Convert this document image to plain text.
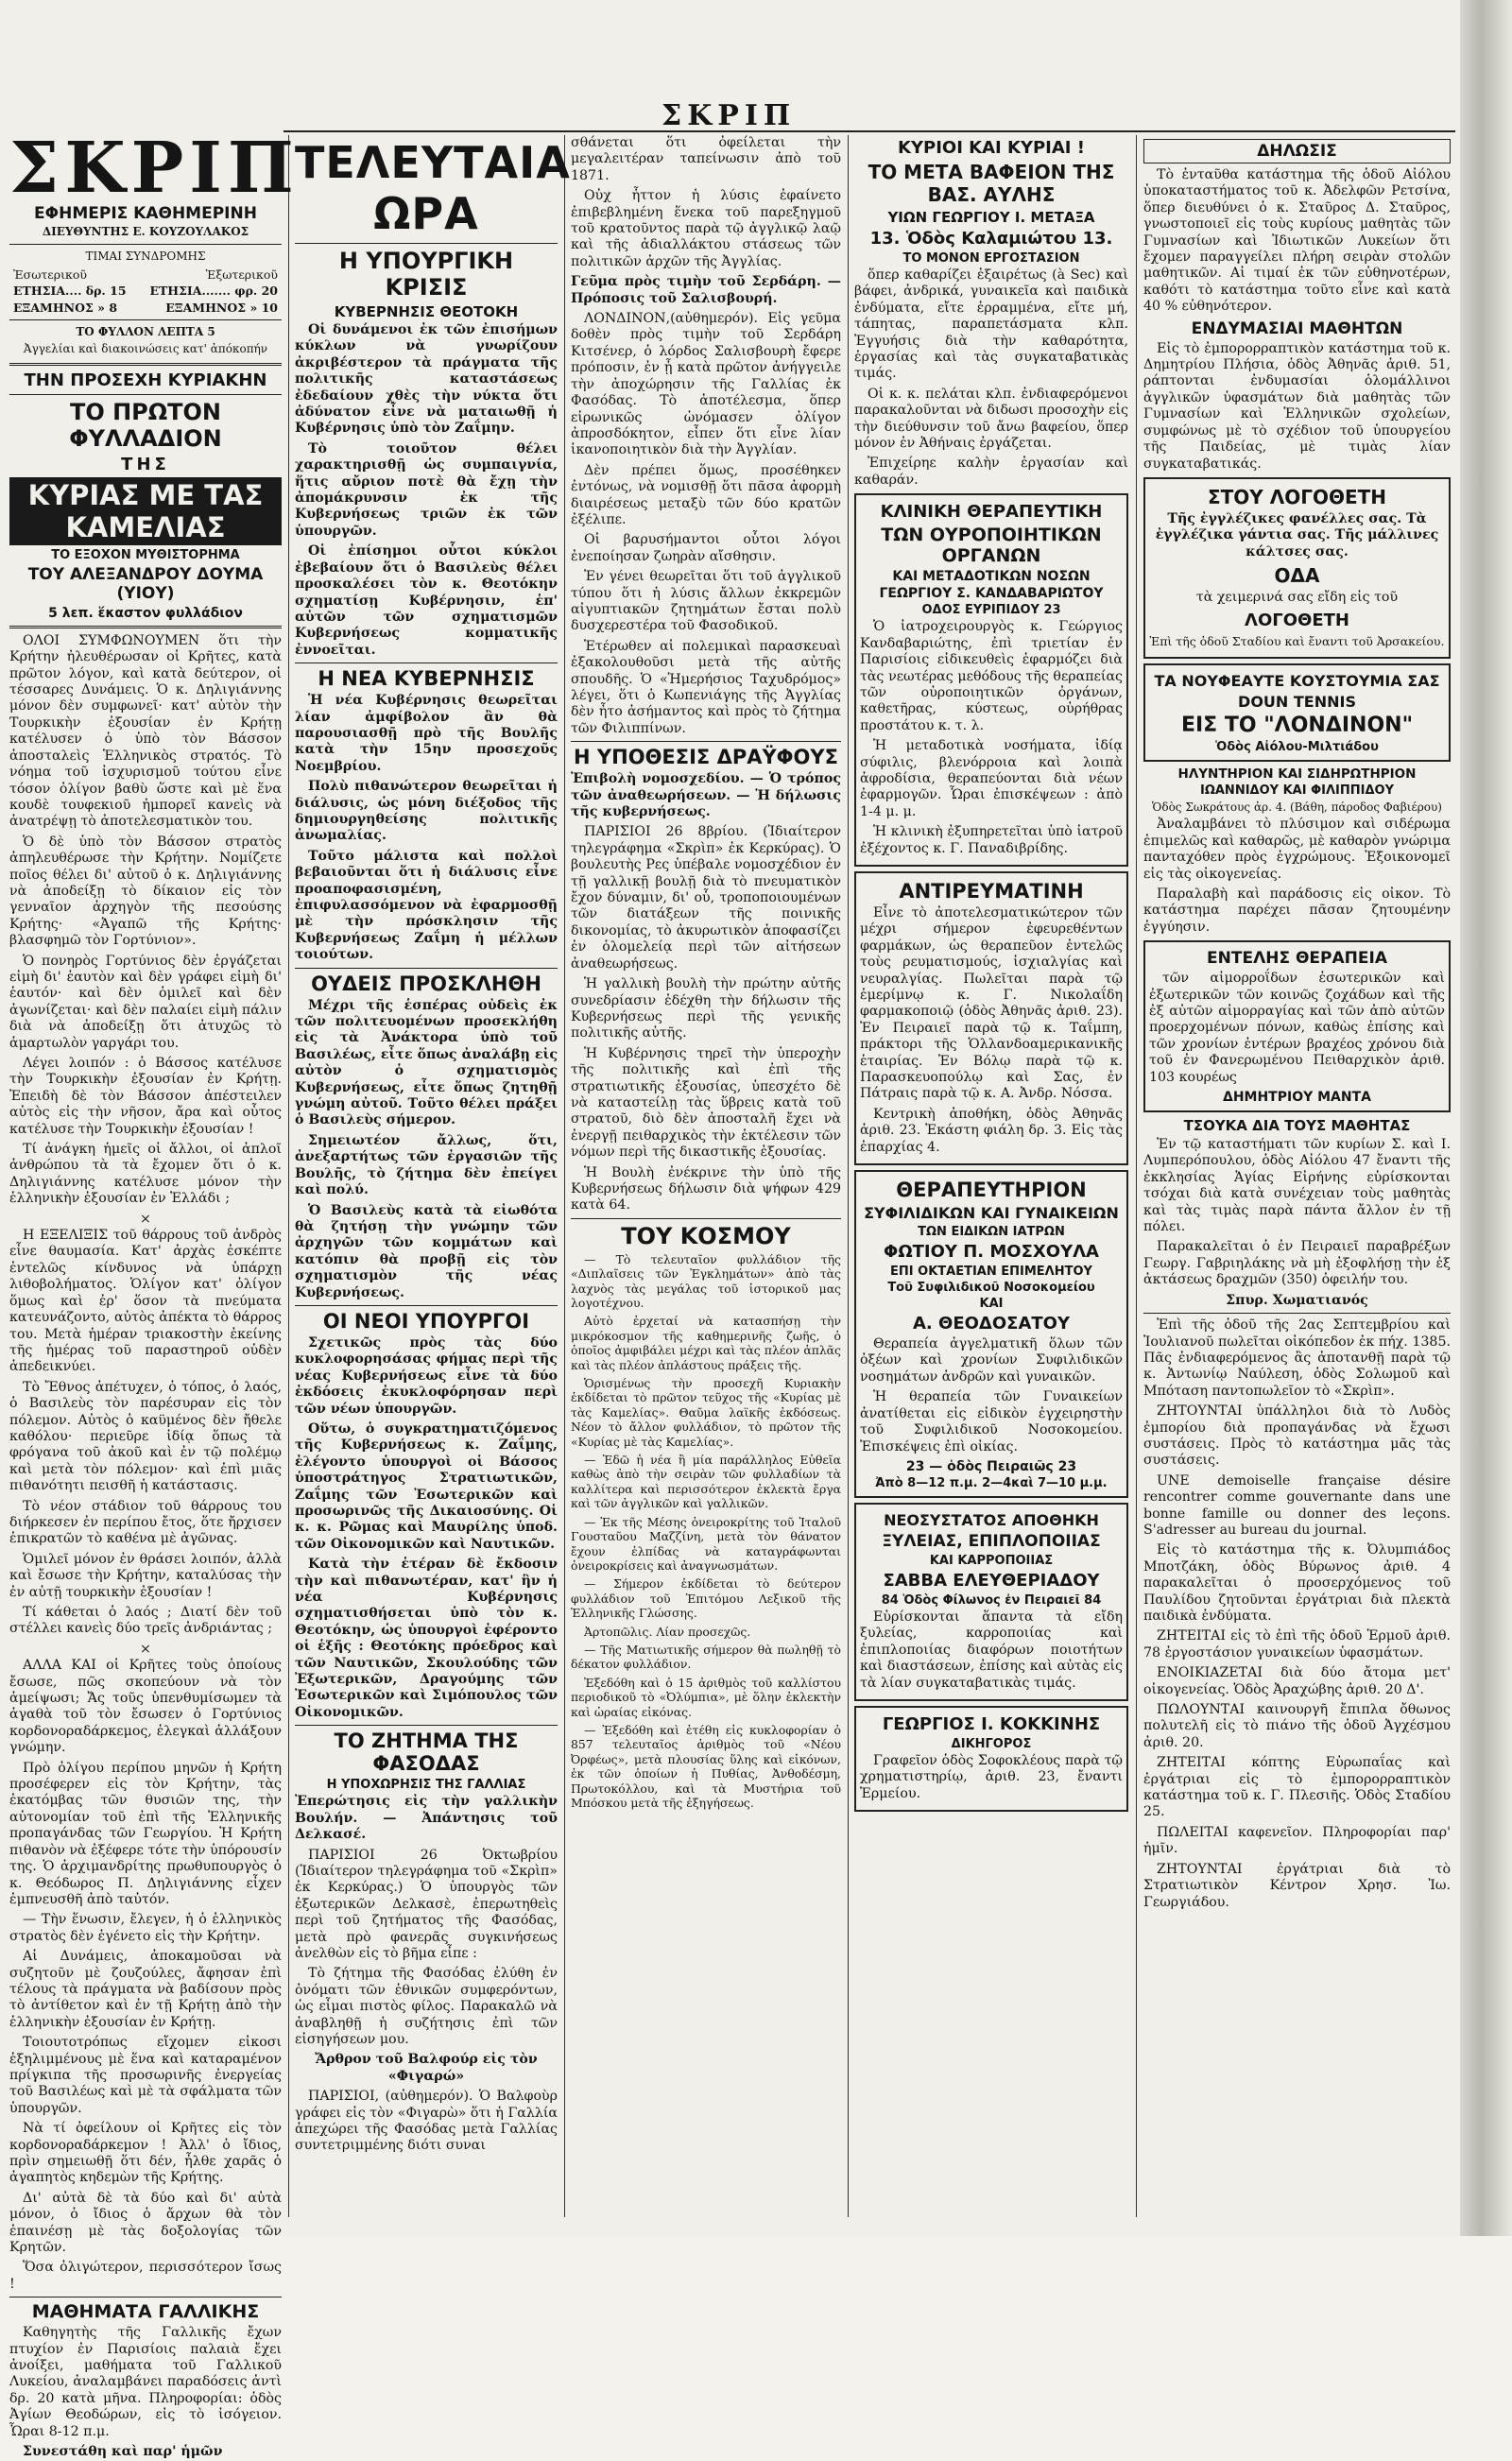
ΣΚΡΙΠ
ΣΚΡΙΠ
ΕΦΗΜΕΡΙΣ ΚΑΘΗΜΕΡΙΝΗ
ΔΙΕΥΘΥΝΤΗΣ Ε. ΚΟΥΖΟΥΛΑΚΟΣ
ΤΙΜΑΙ ΣΥΝΔΡΟΜΗΣ
Ἐσωτερικοῦ	Ἐξωτερικοῦ
ΕΤΗΣΙΑ.... δρ. 15 ΕΤΗΣΙΑ....... φρ. 20
ΕΞΑΜΗΝΟΣ » 8	ΕΞΑΜΗΝΟΣ » 10
ΤΟ ΦΥΛΛΟΝ ΛΕΠΤΑ 5
Ἀγγελίαι καὶ διακοινώσεις κατ' ἀπόκοπήν
ΤΗΝ ΠΡΟΣΕΧΗ ΚΥΡΙΑΚΗΝ
ΤΟ ΠΡΩΤΟΝ ΦΥΛΛΑΔΙΟΝ
ΤΗΣ
ΚΥΡΙΑΣ ΜΕ ΤΑΣ ΚΑΜΕΛΙΑΣ
ΤΟ ΕΞΟΧΟΝ ΜΥΘΙΣΤΟΡΗΜΑ
ΤΟΥ ΑΛΕΞΑΝΔΡΟΥ ΔΟΥΜΑ (ΥΙΟΥ)
5 λεπ. ἕκαστον φυλλάδιον

ΟΛΟΙ ΣΥΜΦΩΝΟΥΜΕΝ ὅτι τὴν Κρήτην ἠλευθέρωσαν οἱ Κρῆτες, κατὰ πρῶτον λόγον, καὶ κατὰ δεύτερον, οἱ τέσσαρες Δυνάμεις. Ὁ κ. Δηλιγιάννης μόνον δὲν συμφωνεῖ· κατ' αὐτὸν τὴν Τουρκικὴν ἐξουσίαν ἐν Κρήτῃ κατέλυσεν ὁ ὑπὸ τὸν Βάσσον ἀποσταλεὶς Ἑλληνικὸς στρατός. Τὸ νόημα τοῦ ἰσχυρισμοῦ τούτου εἶνε τόσον ὀλίγον βαθὺ ὥστε καὶ μὲ ἕνα κουδὲ τουφεκιοῦ ἠμπορεῖ κανεὶς νὰ ἀνατρέψῃ τὸ ἀποτελεσματικὸν του.

Ὁ δὲ ὑπὸ τὸν Βάσσον στρατὸς ἀπηλευθέρωσε τὴν Κρήτην. Νομίζετε ποῖος θέλει δι' αὐτοῦ ὁ κ. Δηλιγιάννης νὰ ἀποδείξῃ τὸ δίκαιον εἰς τὸν γενναῖον ἀρχηγὸν τῆς πεσούσης Κρήτης· «Ἀγαπῶ τῆς Κρήτης· βλασφημῶ τὸν Γορτύνιον».

Ὁ πονηρὸς Γορτύνιος δὲν ἐργάζεται εἰμὴ δι' ἑαυτὸν καὶ δὲν γράφει εἰμὴ δι' ἑαυτόν· καὶ δὲν ὁμιλεῖ καὶ δὲν ἀγωνίζεται· καὶ δὲν παλαίει εἰμὴ πάλιν διὰ νὰ ἀποδείξῃ ὅτι ἀτυχῶς τὸ ἁμαρτωλὸν γαργάρι του.

Λέγει λοιπόν : ὁ Βάσσος κατέλυσε τὴν Τουρκικὴν ἐξουσίαν ἐν Κρήτῃ. Ἐπειδὴ δὲ τὸν Βάσσον ἀπέστειλεν αὐτὸς εἰς τὴν νῆσον, ἄρα καὶ οὗτος κατέλυσε τὴν Τουρκικὴν ἐξουσίαν !

Τί ἀνάγκη ἡμεῖς οἱ ἄλλοι, οἱ ἀπλοῖ ἀνθρώπου τὰ τὰ ἔχομεν ὅτι ὁ κ. Δηλιγιάννης κατέλυσε μόνον τὴν ἑλληνικὴν ἐξουσίαν ἐν Ἑλλάδι ;

×

Η ΕΞΕΛΙΞΙΣ τοῦ θάρρους τοῦ ἀνδρὸς εἶνε θαυμασία. Κατ' ἀρχὰς ἐσκέπτε ἐντελῶς κίνδυνος νὰ ὑπάρχῃ λιθοβολήματος. Ὁλίγον κατ' ὀλίγον ὅμως καὶ ἐρ' ὅσον τὰ πνεύματα κατευνάζοντο, αὐτὸς ἀπέκτα τὸ θάρρος του. Μετὰ ἡμέραν τριακοστὴν ἐκείνης τῆς ἡμέρας τοῦ παραστηροῦ οὐδὲν ἀπεδεικνύει.

Τὸ Ἔθνος ἀπέτυχεν, ὁ τόπος, ὁ λαός, ὁ Βασιλεὺς τὸν παρέσυραν εἰς τὸν πόλεμον. Αὐτὸς ὁ καϋμένος δὲν ἤθελε καθόλου· περιεῦρε ἰδίᾳ ὅπως τὰ φρόγανα τοῦ ἀκοῦ καὶ ἐν τῷ πολέμῳ καὶ μετὰ τὸν πόλεμον· καὶ ἐπὶ μιᾶς πιθανότητι πεισθῆ ἡ κατάστασις.

Τὸ νέον στάδιον τοῦ θάρρους του διήρκεσεν ἐν περίπου ἔτος, ὅτε ἤρχισεν ἐπικρατῶν τὸ καθένα μὲ ἀγῶνας.

Ὁμιλεῖ μόνον ἐν θράσει λοιπόν, ἀλλὰ καὶ ἔσωσε τὴν Κρήτην, καταλύσας τὴν ἐν αὐτῇ τουρκικὴν ἐξουσίαν !

Τί κάθεται ὁ λαός ; Διατί δὲν τοῦ στέλλει κανεὶς δύο τρεῖς ἀνδριάντας ;

×

ΑΛΛΑ ΚΑΙ οἱ Κρῆτες τοὺς ὁποίους ἔσωσε, πῶς σκοπεύουν νὰ τὸν ἀμείψωσι; Ἄς τοῦς ὑπενθυμίσωμεν τὰ ἀγαθὰ τοῦ τὸν ἔσωσεν ὁ Γορτύνιος κορδονοραδάρκεμος, ἐλεγκαὶ ἀλλάξουν γνώμην.

Πρὸ ὀλίγου περίπου μηνῶν ἡ Κρήτη προσέφερεν εἰς τὸν Κρήτην, τὰς ἐκατόμβας τῶν θυσιῶν της, τὴν αὐτονομίαν τοῦ ἐπὶ τῆς Ἑλληνικῆς προπαγάνδας τῶν Γεωργίου. Ἡ Κρήτη πιθανὸν νὰ ἐξέφερε τότε τὴν ὑπόρουσίν της. Ὁ ἀρχιμανδρίτης πρωθυπουργὸς ὁ κ. Θεόδωρος Π. Δηλιγιάννης εἶχεν ἐμπνευσθῆ ἀπὸ ταὐτόν.

— Τὴν ἕνωσιν, ἔλεγεν, ἡ ὁ ἑλληνικὸς στρατὸς δὲν ἐγένετο εἰς τὴν Κρήτην.

Αἱ Δυνάμεις, ἀποκαμοῦσαι νὰ συζητοῦν μὲ ζουζούλες, ἄφησαν ἐπὶ τέλους τὰ πράγματα νὰ βαδίσουν πρὸς τὸ ἀντίθετον καὶ ἐν τῇ Κρήτῃ ἀπὸ τὴν ἑλληνικὴν ἐξουσίαν ἐν Κρήτῃ.

Τοιουτοτρόπως εἴχομεν εἰκοσι ἑξηλιμμένους μὲ ἕνα καὶ καταραμένον πρίγκιπα τῆς προσωρινῆς ἐνεργείας τοῦ Βασιλέως καὶ μὲ τὰ σφάλματα τῶν ὑπουργῶν.

Νὰ τί ὀφείλουν οἱ Κρῆτες εἰς τὸν κορδονοραδάρκεμον ! Ἀλλ' ὁ ἴδιος, πρὶν σημειωθῇ ὅτι δέν, ἦλθε χαρᾶς ὁ ἀγαπητὸς κηδεμὼν τῆς Κρήτης.

Δι' αὐτὰ δὲ τὰ δύο καὶ δι' αὐτὰ μόνον, ὁ ἴδιος ὁ ἄρχων θὰ τὸν ἐπαινέσῃ μὲ τὰς δοξολογίας τῶν Κρητῶν.

Ὅσα ὀλιγώτερον, περισσότερον ἴσως !

ΜΑΘΗΜΑΤΑ ΓΑΛΛΙΚΗΣ

Καθηγητὴς τῆς Γαλλικῆς ἔχων πτυχίον ἐν Παρισίοις παλαιὰ ἔχει ἀνοίξει, μαθήματα τοῦ Γαλλικοῦ Λυκείου, ἀναλαμβάνει παραδόσεις ἀντὶ δρ. 20 κατὰ μῆνα. Πληροφορίαι: ὁδὸς Ἀγίων Θεοδώρων, εἰς τὸ ἰσόγειον. Ὧραι 8-12 π.μ.

Συνεστάθη καὶ παρ' ἡμῶν

ΤΕΛΕΥΤΑΙΑ ΩΡΑ
Η ΥΠΟΥΡΓΙΚΗ ΚΡΙΣΙΣ
ΚΥΒΕΡΝΗΣΙΣ ΘΕΟΤΟΚΗ

Οἱ δυνάμενοι ἐκ τῶν ἐπισήμων κύκλων νὰ γνωρίζουν ἀκριβέστερον τὰ πράγματα τῆς πολιτικῆς καταστάσεως ἐδεδαίουν χθὲς τὴν νύκτα ὅτι ἀδύνατον εἶνε νὰ ματαιωθῇ ἡ Κυβέρνησις ὑπὸ τὸν Ζαΐμην.

Τὸ τοιοῦτον θέλει χαρακτηρισθῇ ὡς συμπαιγνία, ἥτις αὔριον ποτὲ θὰ ἔχῃ τὴν ἀπομάκρυνσιν ἐκ τῆς Κυβερνήσεως τριῶν ἐκ τῶν ὑπουργῶν.

Οἱ ἐπίσημοι οὗτοι κύκλοι ἐβεβαίουν ὅτι ὁ Βασιλεὺς θέλει προσκαλέσει τὸν κ. Θεοτόκην σχηματίσῃ Κυβέρνησιν, ἐπ' αὐτῶν τῶν σχηματισμῶν Κυβερνήσεως κομματικῆς ἐννοεῖται.

Η ΝΕΑ ΚΥΒΕΡΝΗΣΙΣ

Ἡ νέα Κυβέρνησις θεωρεῖται λίαν ἀμφίβολον ἂν θὰ παρουσιασθῇ πρὸ τῆς Βουλῆς κατὰ τὴν 15ην προσεχοῦς Νοεμβρίου.

Πολὺ πιθανώτερον θεωρεῖται ἡ διάλυσις, ὡς μόνη διέξοδος τῆς δημιουργηθείσης πολιτικῆς ἀνωμαλίας.

Τοῦτο μάλιστα καὶ πολλοὶ βεβαιοῦνται ὅτι ἡ διάλυσις εἶνε προαποφασισμένη, ἐπιφυλασσόμενον νὰ ἐφαρμοσθῇ μὲ τὴν πρόσκλησιν τῆς Κυβερνήσεως Ζαΐμη ἡ μέλλων τοιούτων.

ΟΥΔΕΙΣ ΠΡΟΣΚΛΗΘΗ

Μέχρι τῆς ἑσπέρας οὐδεὶς ἐκ τῶν πολιτευομένων προσεκλήθη εἰς τὰ Ἀνάκτορα ὑπὸ τοῦ Βασιλέως, εἶτε ὅπως ἀναλάβῃ εἰς αὐτὸν ὁ σχηματισμὸς Κυβερνήσεως, εἶτε ὅπως ζητηθῇ γνώμη αὐτοῦ. Τοῦτο θέλει πράξει ὁ Βασιλεὺς σήμερον.

Σημειωτέον ἄλλως, ὅτι, ἀνεξαρτήτως τῶν ἐργασιῶν τῆς Βουλῆς, τὸ ζήτημα δὲν ἐπείγει καὶ πολύ.

Ὁ Βασιλεὺς κατὰ τὰ εἰωθότα θὰ ζητήσῃ τὴν γνώμην τῶν ἀρχηγῶν τῶν κομμάτων καὶ κατόπιν θὰ προβῇ εἰς τὸν σχηματισμὸν τῆς νέας Κυβερνήσεως.

ΟΙ ΝΕΟΙ ΥΠΟΥΡΓΟΙ

Σχετικῶς πρὸς τὰς δύο κυκλοφορησάσας φήμας περὶ τῆς νέας Κυβερνήσεως εἶνε τὰ δύο ἐκδόσεις ἐκυκλοφόρησαν περὶ τῶν νέων ὑπουργῶν.

Οὕτω, ὁ συγκρατηματιζόμενος τῆς Κυβερνήσεως κ. Ζαΐμης, ἐλέγοντο ὑπουργοὶ οἱ Βάσσος ὑποστράτηγος Στρατιωτικῶν, Ζαΐμης τῶν Ἐσωτερικῶν καὶ προσωρινῶς τῆς Δικαιοσύνης. Οἱ κ. κ. Ρῶμας καὶ Μαυρίλης ὑποδ. τῶν Οἰκονομικῶν καὶ Ναυτικῶν.

Κατὰ τὴν ἑτέραν δὲ ἔκδοσιν τὴν καὶ πιθανωτέραν, κατ' ἣν ἡ νέα Κυβέρνησις σχηματισθήσεται ὑπὸ τὸν κ. Θεοτόκην, ὡς ὑπουργοὶ ἐφέροντο οἱ ἑξῆς : Θεοτόκης πρόεδρος καὶ τῶν Ναυτικῶν, Σκουλούδης τῶν Ἐξωτερικῶν, Δραγούμης τῶν Ἐσωτερικῶν καὶ Σιμόπουλος τῶν Οἰκονομικῶν.

ΤΟ ΖΗΤΗΜΑ ΤΗΣ ΦΑΣΟΔΑΣ
Η ΥΠΟΧΩΡΗΣΙΣ ΤΗΣ ΓΑΛΛΙΑΣ

Ἐπερώτησις εἰς τὴν γαλλικὴν Βουλήν. — Ἀπάντησις τοῦ Δελκασέ.

ΠΑΡΙΣΙΟΙ 26 Ὀκτωβρίου (Ἰδιαίτερον τηλεγράφημα τοῦ «Σκρὶπ» ἐκ Κερκύρας.) Ὁ ὑπουργὸς τῶν ἐξωτερικῶν Δελκασὲ, ἐπερωτηθεὶς περὶ τοῦ ζητήματος τῆς Φασόδας, μετὰ πρὸ φανερᾶς συγκινήσεως ἀνελθὼν εἰς τὸ βῆμα εἶπε :

Τὸ ζήτημα τῆς Φασόδας ἐλύθη ἐν ὀνόματι τῶν ἐθνικῶν συμφερόντων, ὡς εἶμαι πιστὸς φίλος. Παρακαλῶ νὰ ἀναβληθῇ ἡ συζήτησις ἐπὶ τῶν εἰσηγήσεων μου.

Ἄρθρον τοῦ Βαλφούρ εἰς τὸν «Φιγαρώ»

ΠΑΡΙΣΙΟΙ, (αὐθημερόν). Ὁ Βαλφοὺρ γράφει εἰς τὸν «Φιγαρὼ» ὅτι ἡ Γαλλία ἀπεχώρει τῆς Φασόδας μετὰ Γαλλίας συντετριμμένης διότι συναι

σθάνεται ὅτι ὀφείλεται τὴν μεγαλειτέραν ταπείνωσιν ἀπὸ τοῦ 1871.

Οὐχ ἧττον ἡ λύσις ἐφαίνετο ἐπιβεβλημένη ἕνεκα τοῦ παρεξηγμοῦ τοῦ κρατοῦντος παρὰ τῷ ἀγγλικῷ λαῷ καὶ τῆς ἀδιαλλάκτου στάσεως τῶν πολιτικῶν ἀρχῶν τῆς Ἀγγλίας.

Γεῦμα πρὸς τιμὴν τοῦ Σερδάρη. — Πρόποσις τοῦ Σαλισβουρή.

ΛΟΝΔΙΝΟΝ,(αὐθημερόν). Εἰς γεῦμα δοθὲν πρὸς τιμὴν τοῦ Σερδάρη Κιτσένερ, ὁ λόρδος Σαλισβουρὴ ἔφερε πρόποσιν, ἐν ᾗ κατὰ πρῶτον ἀνήγγειλε τὴν ἀποχώρησιν τῆς Γαλλίας ἐκ Φασόδας. Τὸ ἀποτέλεσμα, ὅπερ εἰρωνικῶς ὠνόμασεν ὀλίγον ἀπροσδόκητον, εἶπεν ὅτι εἶνε λίαν ἱκανοποιητικὸν διὰ τὴν Ἀγγλίαν.

Δὲν πρέπει ὅμως, προσέθηκεν ἐντόνως, νὰ νομισθῇ ὅτι πᾶσα ἀφορμὴ διαιρέσεως μεταξὺ τῶν δύο κρατῶν ἐξέλιπε.

Οἱ βαρυσήμαντοι οὗτοι λόγοι ἐνεποίησαν ζωηρὰν αἴσθησιν.

Ἐν γένει θεωρεῖται ὅτι τοῦ ἀγγλικοῦ τύπου ὅτι ἡ λύσις ἄλλων ἐκκρεμῶν αἰγυπτιακῶν ζητημάτων ἔσται πολὺ δυσχερεστέρα τοῦ Φασοδικοῦ.

Ἑτέρωθεν αἱ πολεμικαὶ παρασκευαὶ ἐξακολουθοῦσι μετὰ τῆς αὐτῆς σπουδῆς. Ὁ «Ἡμερήσιος Ταχυδρόμος» λέγει, ὅτι ὁ Κωπενιάγης τῆς Ἀγγλίας δὲν ἦτο ἀσήμαντος καὶ πρὸς τὸ ζήτημα τῶν Φιλιππίνων.

Η ΥΠΟΘΕΣΙΣ ΔΡΑΫΦΟΥΣ

Ἐπιβολὴ νομοσχεδίου. — Ὁ τρόπος τῶν ἀναθεωρήσεων. — Ἡ δήλωσις τῆς κυβερνήσεως.

ΠΑΡΙΣΙΟΙ 26 8βρίου. (Ἰδιαίτερον τηλεγράφημα «Σκρὶπ» ἐκ Κερκύρας). Ὁ βουλευτὴς Ρες ὑπέβαλε νομοσχέδιον ἐν τῇ γαλλικῇ βουλῇ διὰ τὸ πνευματικὸν ἔχον δύναμιν, δι' οὗ, τροποποιουμένων τῶν διατάξεων τῆς ποινικῆς δικονομίας, τὸ ἀκυρωτικὸν ἀποφασίζει ἐν ὁλομελείᾳ περὶ τῶν αἰτήσεων ἀναθεωρήσεως.

Ἡ γαλλικὴ βουλὴ τὴν πρώτην αὐτῆς συνεδρίασιν ἐδέχθη τὴν δήλωσιν τῆς Κυβερνήσεως περὶ τῆς γενικῆς πολιτικῆς αὐτῆς.

Ἡ Κυβέρνησις τηρεῖ τὴν ὑπεροχὴν τῆς πολιτικῆς καὶ ἐπὶ τῆς στρατιωτικῆς ἐξουσίας, ὑπεσχέτο δὲ νὰ καταστείλῃ τὰς ὕβρεις κατὰ τοῦ στρατοῦ, διὸ δὲν ἀποσταλῆ ἔχει νὰ ἐνεργῇ πειθαρχικὸς τὴν ἐκτέλεσιν τῶν νόμων περὶ τῆς δικαστικῆς ἐξουσίας.

Ἡ Βουλὴ ἐνέκρινε τὴν ὑπὸ τῆς Κυβερνήσεως δήλωσιν διὰ ψήφων 429 κατὰ 64.

ΤΟΥ ΚΟΣΜΟΥ

— Τὸ τελευταῖον φυλλάδιον τῆς «Διπλαῖσεις τῶν Ἐγκλημάτων» ἀπὸ τὰς λαχνὸς τὰς μεγάλας τοῦ ἱστορικοῦ μας λογοτέχνου.

Αὐτὸ ἐρχεταί νὰ κατασπήσῃ τὴν μικρόκοσμον τῆς καθημερινῆς ζωῆς, ὁ ὁποῖος ἀμφιβάλει μέχρι καὶ τὰς πλέον ἁπλᾶς καὶ τὰς πλέον ἀπλάστους πράξεις τῆς.

Ὁρισμένως τὴν προσεχῆ Κυριακὴν ἐκδίδεται τὸ πρῶτον τεῦχος τῆς «Κυρίας μὲ τὰς Καμελίας». Θαῦμα λαϊκῆς ἐκδόσεως. Νέον τὸ ἄλλον φυλλάδιον, τὸ πρῶτον τῆς «Κυρίας μὲ τὰς Καμελίας».

— Ἐδῶ ἡ νέα ἢ μία παράλληλος Εὐθεῖα καθὼς ἀπὸ τὴν σειρὰν τῶν φυλλαδίων τὰ καλλίτερα καὶ περισσότερον ἐκλεκτὰ ἔργα καὶ τῶν ἀγγλικῶν καὶ γαλλικῶν.

— Ἐκ τῆς Μέσης ὀνειροκρίτης τοῦ Ἰταλοῦ Γουσταῦου Μαζζίνη, μετὰ τὸν θάνατον ἔχουν ἐλπίδας νὰ καταγράφωνται ὀνειροκρίσεις καὶ ἀναγνωσμάτων.

— Σήμερον ἐκδίδεται τὸ δεύτερον φυλλάδιον τοῦ Ἐπιτόμου Λεξικοῦ τῆς Ἑλληνικῆς Γλώσσης.

Ἀρτοπῶλις. Λίαν προσεχῶς.

— Τῆς Ματιωτικῆς σήμερον θὰ πωληθῇ τὸ δέκατον φυλλάδιον.

Ἐξεδόθη καὶ ὁ 15 ἀριθμὸς τοῦ καλλίστου περιοδικοῦ τὸ «Ὀλύμπια», μὲ ὅλην ἐκλεκτὴν καὶ ὡραίας εἰκόνας.

— Ἐξεδόθη καὶ ἐτέθη εἰς κυκλοφορίαν ὁ 857 τελευταῖος ἀριθμὸς τοῦ «Νέου Ὀρφέως», μετὰ πλουσίας ὕλης καὶ εἰκόνων, ἐκ τῶν ὁποίων ἡ Πυθίας, Ἀνθοδέσμη, Πρωτοκόλλου, καὶ τὰ Μυστήρια τοῦ Μπόσκου μετὰ τῆς ἐξηγήσεως.

ΚΥΡΙΟΙ ΚΑΙ ΚΥΡΙΑΙ !
ΤΟ ΜΕΤΑ ΒΑΦΕΙΟΝ ΤΗΣ ΒΑΣ. ΑΥΛΗΣ
ΥΙΩΝ ΓΕΩΡΓΙΟΥ Ι. ΜΕΤΑΞΑ
13. Ὁδὸς Καλαμιώτου 13.
ΤΟ ΜΟΝΟΝ ΕΡΓΟΣΤΑΣΙΟΝ

ὅπερ καθαρίζει ἐξαιρέτως (à Sec) καὶ βάφει, ἀνδρικά, γυναικεῖα καὶ παιδικὰ ἐνδύματα, εἴτε ἐρραμμένα, εἴτε μή, τάπητας, παραπετάσματα κλπ. Ἐγγυήσις διὰ τὴν καθαρότητα, ἐργασίας καὶ τὰς συγκαταβατικὰς τιμάς.

Οἱ κ. κ. πελάται κλπ. ἐνδιαφερόμενοι παρακαλοῦνται νὰ διδωσι προσοχὴν εἰς τὴν διεύθυνσιν τοῦ ἄνω βαφείου, ὅπερ μόνον ἐν Ἀθήναις ἐργάζεται.

Ἐπιχείρηε καλὴν ἐργασίαν καὶ καθαράν.

ΚΛΙΝΙΚΗ ΘΕΡΑΠΕΥΤΙΚΗ
ΤΩΝ ΟΥΡΟΠΟΙΗΤΙΚΩΝ ΟΡΓΑΝΩΝ
ΚΑΙ ΜΕΤΑΔΟΤΙΚΩΝ ΝΟΣΩΝ
ΓΕΩΡΓΙΟΥ Σ. ΚΑΝΔΑΒΑΡΙΩΤΟΥ
ΟΔΟΣ ΕΥΡΙΠΙΔΟΥ 23

Ὁ ἰατροχειρουργὸς κ. Γεώργιος Κανδαβαριώτης, ἐπὶ τριετίαν ἐν Παρισίοις εἰδικευθεὶς ἐφαρμόζει διὰ τὰς νεωτέρας μεθόδους τῆς θεραπείας τῶν οὐροποιητικῶν ὀργάνων, καθετῆρας, κύστεως, οὐρήθρας προστάτου κ. τ. λ.

Ἡ μεταδοτικὰ νοσήματα, ἰδίᾳ σύφιλις, βλενόρροια καὶ λοιπὰ ἀφροδίσια, θεραπεύονται διὰ νέων ἐφαρμογῶν. Ὧραι ἐπισκέψεων : ἀπὸ 1-4 μ. μ.

Ἡ κλινικὴ ἐξυπηρετεῖται ὑπὸ ἰατροῦ ἐξέχοντος κ. Γ. Παναδιβρίδης.

ΑΝΤΙΡΕΥΜΑΤΙΝΗ

Εἶνε τὸ ἀποτελεσματικώτερον τῶν μέχρι σήμερον ἐφευρεθέντων φαρμάκων, ὡς θεραπεῦον ἐντελῶς τοὺς ρευματισμούς, ἰσχιαλγίας καὶ νευραλγίας. Πωλεῖται παρὰ τῷ ἐμερίμνῳ κ. Γ. Νικολαΐδη φαρμακοποιῷ (ὁδὸς Ἀθηνᾶς ἀριθ. 23). Ἐν Πειραιεῖ παρὰ τῷ κ. Ταΐμπη, πράκτορι τῆς Ὁλλανδοαμερικανικῆς ἑταιρίας. Ἐν Βόλῳ παρὰ τῷ κ. Παρασκευοπούλῳ καὶ Σας, ἐν Πάτραις παρὰ τῷ κ. Α. Ἀνδρ. Νόσσα.

Κεντρικὴ ἀποθήκη, ὁδὸς Ἀθηνᾶς ἀριθ. 23. Ἑκάστη φιάλη δρ. 3. Εἰς τὰς ἐπαρχίας 4.

ΘΕΡΑΠΕΥΤΗΡΙΟΝ
ΣΥΦΙΛΙΔΙΚΩΝ ΚΑΙ ΓΥΝΑΙΚΕΙΩΝ
ΤΩΝ ΕΙΔΙΚΩΝ ΙΑΤΡΩΝ
ΦΩΤΙΟΥ Π. ΜΟΣΧΟΥΛΑ
ΕΠΙ ΟΚΤΑΕΤΙΑΝ ΕΠΙΜΕΛΗΤΟΥ
Τοῦ Συφιλιδικοῦ Νοσοκομείου
ΚΑΙ
Α. ΘΕΟΔΟΣΑΤΟΥ

Θεραπεία ἀγγελματικῆ ὅλων τῶν ὀξέων καὶ χρονίων Συφιλιδικῶν νοσημάτων ἀνδρῶν καὶ γυναικῶν.

Ἡ θεραπεία τῶν Γυναικείων ἀνατίθεται εἰς εἰδικὸν ἐγχειρηστὴν τοῦ Συφιλιδικοῦ Νοσοκομείου. Ἐπισκέψεις ἐπὶ οἰκίας.

23 — ὁδὸς Πειραιῶς 23
Ἀπὸ 8—12 π.μ. 2—4καὶ 7—10 μ.μ.
ΝΕΟΣΥΣΤΑΤΟΣ ΑΠΟΘΗΚΗ
ΞΥΛΕΙΑΣ, ΕΠΙΠΛΟΠΟΙΙΑΣ
ΚΑΙ ΚΑΡΡΟΠΟΙΙΑΣ
ΣΑΒΒΑ ΕΛΕΥΘΕΡΙΑΔΟΥ
84 Ὁδὸς Φίλωνος ἐν Πειραιεῖ 84

Εὑρίσκονται ἅπαντα τὰ εἴδη ξυλείας, καρροποιίας καὶ ἐπιπλοποιίας διαφόρων ποιοτήτων καὶ διαστάσεων, ἐπίσης καὶ αὐτὰς εἰς τὰ λίαν συγκαταβατικὰς τιμάς.

ΓΕΩΡΓΙΟΣ Ι. ΚΟΚΚΙΝΗΣ
ΔΙΚΗΓΟΡΟΣ

Γραφεῖον ὁδὸς Σοφοκλέους παρὰ τῷ χρηματιστηρίῳ, ἀριθ. 23, ἔναντι Ἑρμείου.

ΔΗΛΩΣΙΣ

Τὸ ἐνταῦθα κατάστημα τῆς ὁδοῦ Αἰόλου ὑποκαταστήματος τοῦ κ. Ἀδελφῶν Ρετσίνα, ὅπερ διευθύνει ὁ κ. Σταῦρος Δ. Σταῦρος, γνωστοποιεῖ εἰς τοὺς κυρίους μαθητὰς τῶν Γυμνασίων καὶ Ἰδιωτικῶν Λυκείων ὅτι ἔχομεν παραγγείλει πλήρη σειρὰν στολῶν μαθητικῶν. Αἱ τιμαί ἐκ τῶν εὐθηνοτέρων, καθότι τὸ κατάστημα τοῦτο εἶνε καὶ κατὰ 40 % εὐθηνότερον.

ΕΝΔΥΜΑΣΙΑΙ ΜΑΘΗΤΩΝ

Εἰς τὸ ἐμπορορραπτικὸν κατάστημα τοῦ κ. Δημητρίου Πλήσια, ὁδὸς Ἀθηνᾶς ἀριθ. 51, ράπτονται ἐνδυμασίαι ὁλομάλλινοι ἀγγλικῶν ὑφασμάτων διὰ μαθητὰς τῶν Γυμνασίων καὶ Ἑλληνικῶν σχολείων, συμφώνως μὲ τὸ σχέδιον τοῦ ὑπουργείου τῆς Παιδείας, μὲ τιμὰς λίαν συγκαταβατικάς.

ΣΤΟΥ ΛΟΓΟΘΕΤΗ

Τῆς ἐγγλέζικες φανέλλες σας. Τὰ ἐγγλέζικα γάντια σας. Τῆς μάλλινες κάλτσες σας.

ΟΔΑ

τὰ χειμερινά σας εἴδη εἰς τοῦ

ΛΟΓΟΘΕΤΗ

Ἐπὶ τῆς ὁδοῦ Σταδίου καὶ ἔναντι τοῦ Ἀρσακείου.

ΤΑ ΝΟΥΦΕΑΥΤΕ ΚΟΥΣΤΟΥΜΙΑ ΣΑΣ
DOUN TENNIS
ΕΙΣ ΤΟ "ΛΟΝΔΙΝΟΝ"
Ὁδὸς Αἰόλου-Μιλτιάδου
ΗΛΥΝΤΗΡΙΟΝ ΚΑΙ ΣΙΔΗΡΩΤΗΡΙΟΝ
ΙΩΑΝΝΙΔΟΥ ΚΑΙ ΦΙΛΙΠΠΙΔΟΥ
Ὁδὸς Σωκράτους ἀρ. 4. (Βάθη, πάροδος Φαβιέρου)

Ἀναλαμβάνει τὸ πλύσιμον καὶ σιδέρωμα ἐπιμελῶς καὶ καθαρῶς, μὲ καθαρὸν γνώριμα πανταχόθεν πρὸς ἐγχρώμους. Ἐξοικονομεῖ εἰς τὰς οἰκογενείας.

Παραλαβὴ καὶ παράδοσις εἰς οἰκον. Τὸ κατάστημα παρέχει πᾶσαν ζητουμένην ἐγγύησιν.

ΕΝΤΕΛΗΣ ΘΕΡΑΠΕΙΑ

τῶν αἱμορροΐδων ἐσωτερικῶν καὶ ἐξωτερικῶν τῶν κοινῶς ζοχάδων καὶ τῆς ἐξ αὐτῶν αἱμορραγίας καὶ τῶν ἀπὸ αὐτῶν προερχομένων πόνων, καθὼς ἐπίσης καὶ τῶν χρονίων ἐντέρων βραχέος χρόνου διὰ τοῦ ἐν Φανερωμένου Πειθαρχικὸν ἀριθ. 103 κουρέως

ΔΗΜΗΤΡΙΟΥ ΜΑΝΤΑ
ΤΣΟΥΚΑ ΔΙΑ ΤΟΥΣ ΜΑΘΗΤΑΣ

Ἐν τῷ καταστήματι τῶν κυρίων Σ. καὶ Ι. Λυμπερόπουλου, ὁδὸς Αἰόλου 47 ἔναντι τῆς ἐκκλησίας Ἁγίας Εἰρήνης εὑρίσκονται τσόχαι διὰ κατὰ συνέχειαν τοὺς μαθητὰς καὶ τὰς τιμὰς παρὰ πάντα ἄλλον ἐν τῇ πόλει.

Παρακαλεῖται ὁ ἐν Πειραιεῖ παραβρέξων Γεωργ. Γαβριηλάκης νὰ μὴ ἐξοφλήσῃ τὴν ἐξ ἀκτάσεως δραχμῶν (350) ὀφειλήν του.

Σπυρ. Χωματιανός

Ἐπὶ τῆς ὁδοῦ τῆς 2ας Σεπτεμβρίου καὶ Ἰουλιανοῦ πωλεῖται οἰκόπεδον ἐκ πήχ. 1385. Πᾶς ἐνδιαφερόμενος ἂς ἀποτανθῇ παρὰ τῷ κ. Ἀντωνίῳ Ναύλεση, ὁδὸς Σολωμοῦ καὶ Μπόταση παντοπωλεῖον τὸ «Σκρὶπ».

ΖΗΤΟΥΝΤΑΙ ὑπάλληλοι διὰ τὸ Λυδὸς ἐμπορίου διὰ προπαγάνδας νὰ ἔχωσι συστάσεις. Πρὸς τὸ κατάστημα μᾶς τὰς συστάσεις.

UNE demoiselle française désire rencontrer comme gouvernante dans une bonne famille ou donner des leçons. S'adresser au bureau du journal.

Εἰς τὸ κατάστημα τῆς κ. Ὀλυμπιάδος Μποτζάκη, ὁδὸς Βύρωνος ἀριθ. 4 παρακαλεῖται ὁ προσερχόμενος τοῦ Παυλίδου ζητοῦνται ἐργάτριαι διὰ πλεκτὰ παιδικὰ ἐνδύματα.

ΖΗΤΕΙΤΑΙ εἰς τὸ ἐπὶ τῆς ὁδοῦ Ἑρμοῦ ἀριθ. 78 ἐργοστάσιον γυναικείων ὑφασμάτων.

ΕΝΟΙΚΙΑΖΕΤΑΙ διὰ δύο ἄτομα μετ' οἰκογενείας. Ὁδὸς Ἀραχώβης ἀριθ. 20 Δ'.

ΠΩΛΟΥΝΤΑΙ καινουργῆ ἔπιπλα ὄθωνος πολυτελῆ εἰς τὸ πιάνο τῆς ὁδοῦ Ἀγχέσμου ἀριθ. 20.

ΖΗΤΕΙΤΑΙ κόπτης Εὐρωπαΐας καὶ ἐργάτριαι εἰς τὸ ἐμπορορραπτικὸν κατάστημα τοῦ κ. Γ. Πλεσιῆς. Ὁδὸς Σταδίου 25.

ΠΩΛΕΙΤΑΙ καφενεῖον. Πληροφορίαι παρ' ἡμῖν.

ΖΗΤΟΥΝΤΑΙ ἐργάτριαι διὰ τὸ Στρατιωτικὸν Κέντρον Χρησ. Ἰω. Γεωργιάδου.
